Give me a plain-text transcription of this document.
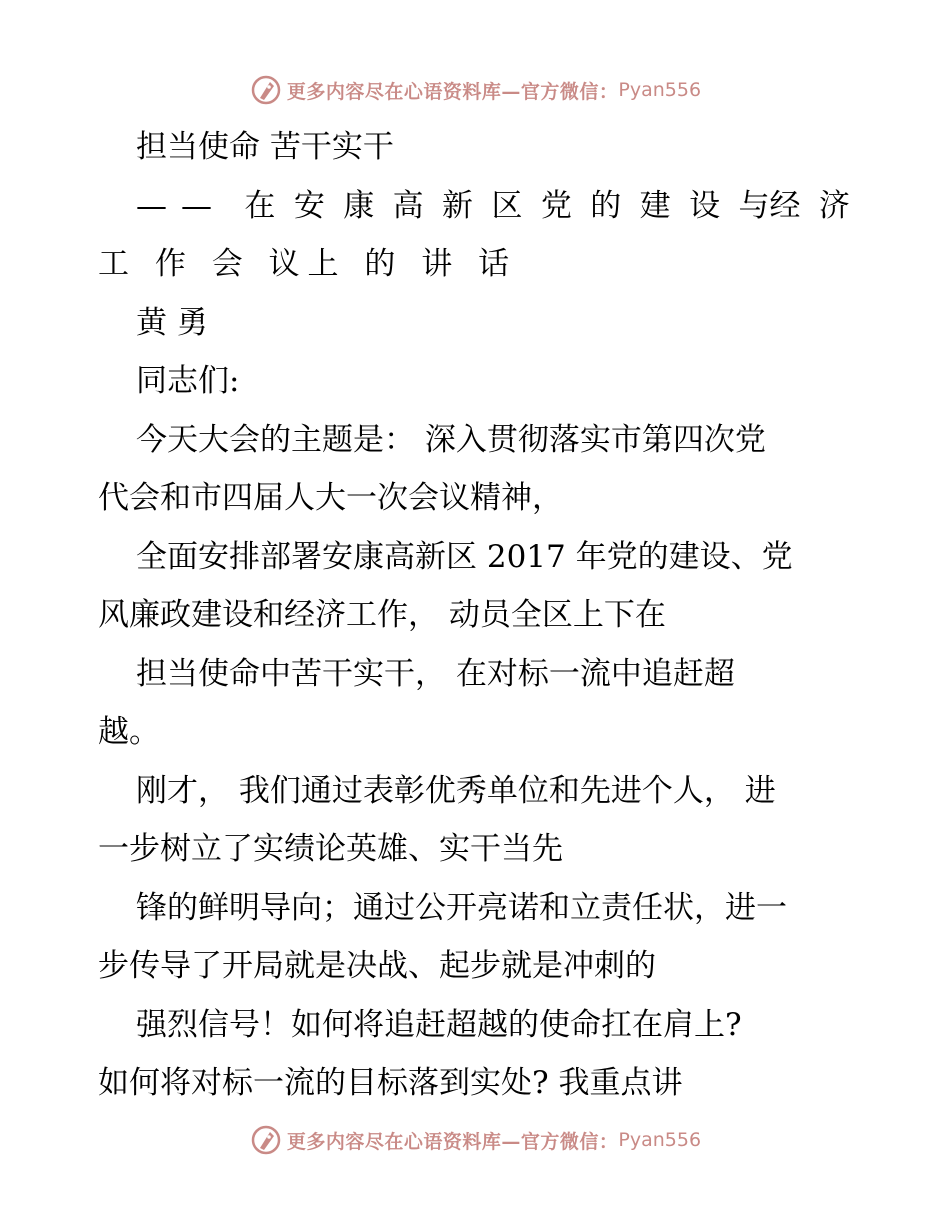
更多内容尽在心语资料库—官方微信： Pyan556
担当使命 苦干实干
—— 在 安 康 高 新 区 党 的 建 设 与经 济
工 作 会 议上 的 讲 话
黄 勇
同志们:
今天大会的主题是： 深入贯彻落实市第四次党
代会和市四届人大一次会议精神，
全面安排部署安康高新区 2017 年党的建设、党
风廉政建设和经济工作， 动员全区上下在
担当使命中苦干实干， 在对标一流中追赶超
越。
刚才， 我们通过表彰优秀单位和先进个人， 进
一步树立了实绩论英雄、实干当先
锋的鲜明导向；通过公开亮诺和立责任状，进一
步传导了开局就是决战、起步就是冲刺的
强烈信号！如何将追赶超越的使命扛在肩上?
如何将对标一流的目标落到实处? 我重点讲
更多内容尽在心语资料库—官方微信： Pyan556
